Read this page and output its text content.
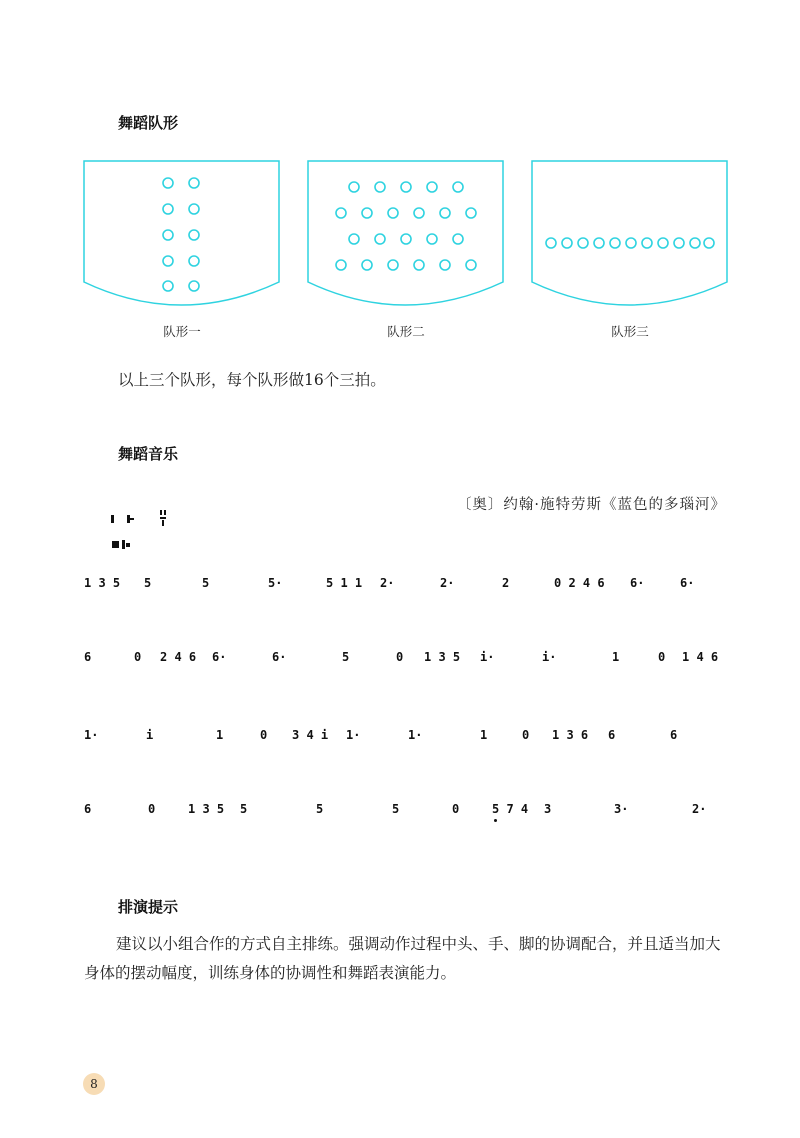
舞蹈队形
队形一	队形二	队形三
以上三个队形，每个队形做16个三拍。
舞蹈音乐
〔奥〕约翰·施特劳斯《蓝色的多瑙河》
1 3 5 5	5	5·	5 1 1 2·	2·	2	0 2 4 6 6·	6·
6	0 2 4 6 6·	6·	5	0 1 3 5 i·	i·	1	0 1 4 6
1·	i	1	0 3 4 i 1·	1·	1	0 1 3 6 6	6
6	0	1 3 5 5	5	5	0	5 7 4 3	3·	2·
排演提示
建议以小组合作的方式自主排练。强调动作过程中头、手、脚的协调配合，并且适当加大身体的摆动幅度，训练身体的协调性和舞蹈表演能力。
8
